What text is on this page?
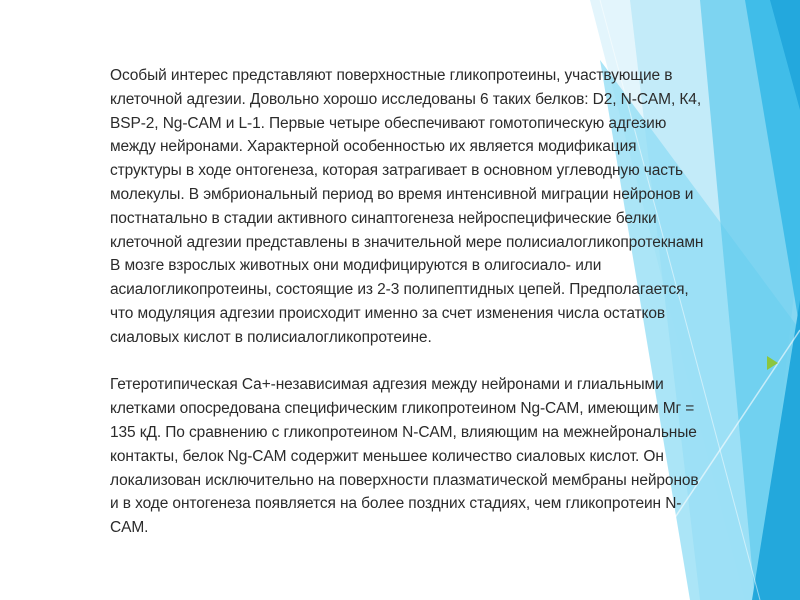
Особый интерес представляют поверхностные гликопротеины, участвующие в клеточной адгезии. Довольно хорошо исследованы 6 таких белков: D2, N-CAM, К4, BSP-2, Ng-CAM и L-1. Первые четыре обеспечивают гомотопическую адгезию между нейронами. Характерной особенностью их является модификация структуры в ходе онтогенеза, которая затрагивает в основном углеводную часть молекулы. В эмбриональный период во время интенсивной миграции нейронов и постнатально в стадии активного синаптогенеза нейроспецифические белки клеточной адгезии представлены в значительной мере полисиалогликопротекнамн В мозге взрослых животных они модифицируются в олигосиало- или асиалогликопротеины, состоящие из 2-3 полипептидных цепей. Предполагается, что модуляция адгезии происходит именно за счет изменения числа остатков сиаловых кислот в полисиалогликопротеине.

Гетеротипическая Са+-независимая адгезия между нейронами и глиальными клетками опосредована специфическим гликопротеином Ng-CAM, имеющим Мг = 135 кД. По сравнению с гликопротеином N-CAM, влияющим на межнейрональные контакты, белок Ng-CAM содержит меньшее количество сиаловых кислот. Он локализован исключительно на поверхности плазматической мембраны нейронов и в ходе онтогенеза появляется на более поздних стадиях, чем гликопротеин N-CAM.
